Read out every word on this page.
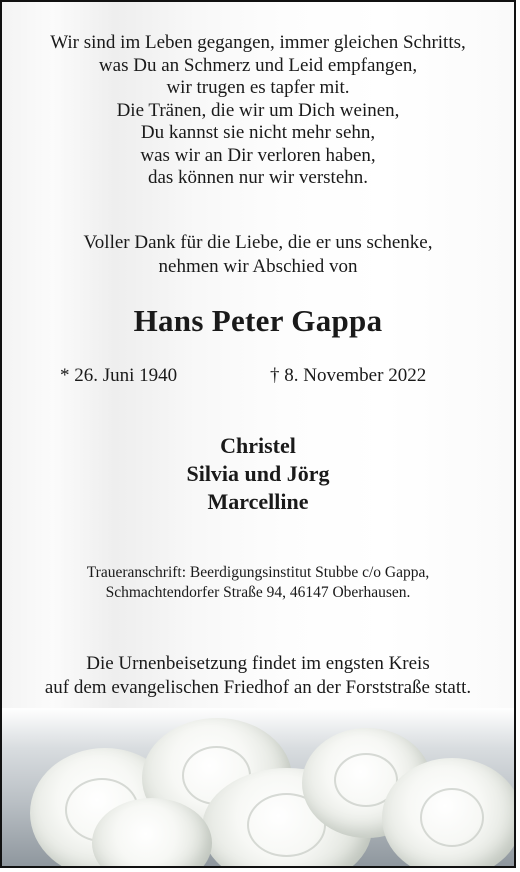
Wir sind im Leben gegangen, immer gleichen Schritts,
was Du an Schmerz und Leid empfangen,
wir trugen es tapfer mit.
Die Tränen, die wir um Dich weinen,
Du kannst sie nicht mehr sehn,
was wir an Dir verloren haben,
das können nur wir verstehn.
Voller Dank für die Liebe, die er uns schenke,
nehmen wir Abschied von
Hans Peter Gappa
* 26. Juni 1940	† 8. November 2022
Christel
Silvia und Jörg
Marcelline
Traueranschrift: Beerdigungsinstitut Stubbe c/o Gappa,
Schmachtendorfer Straße 94, 46147 Oberhausen.
Die Urnenbeisetzung findet im engsten Kreis
auf dem evangelischen Friedhof an der Forststraße statt.
